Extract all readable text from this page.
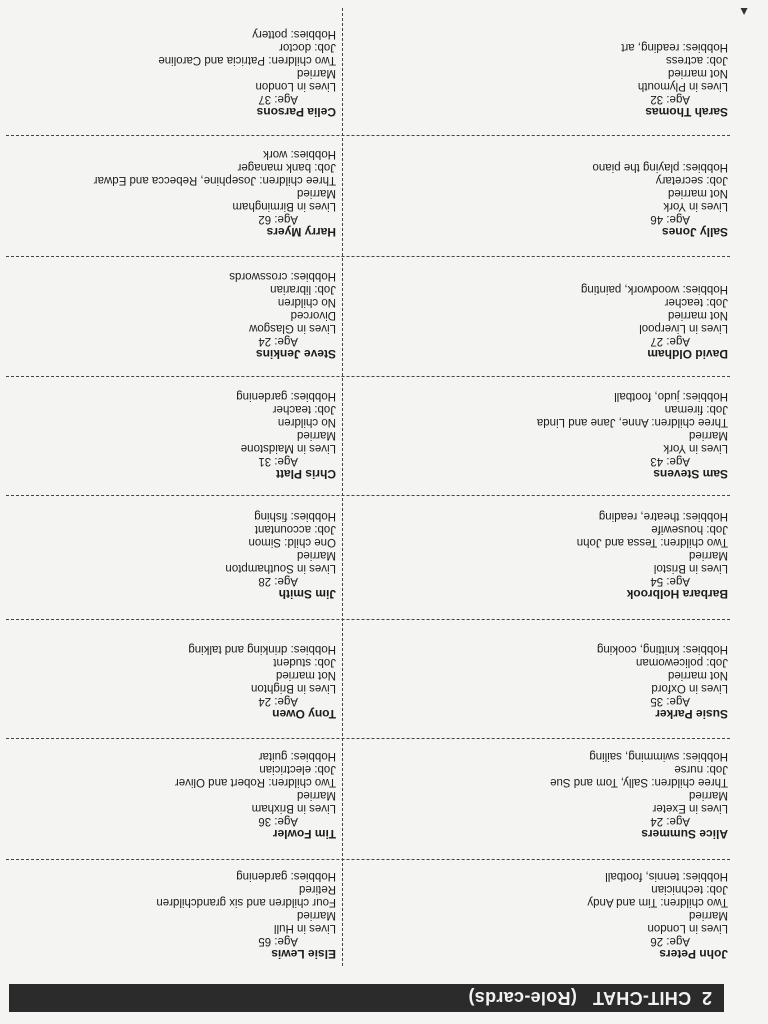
2  CHIT-CHAT   (Role-cards)
▲
John Peters
Age: 26
Lives in London
Married
Two children: Tim and Andy
Job: technician
Hobbies: tennis, football
Elsie Lewis
Age: 65
Lives in Hull
Married
Four children and six grandchildren
Retired
Hobbies: gardening
Alice Summers
Age: 24
Lives in Exeter
Married
Three children: Sally, Tom and Sue
Job: nurse
Hobbies: swimming, sailing
Tim Fowler
Age: 36
Lives in Brixham
Married
Two children: Robert and Oliver
Job: electrician
Hobbies: guitar
Susie Parker
Age: 35
Lives in Oxford
Not married
Job: policewoman
Hobbies: knitting, cooking
Tony Owen
Age: 24
Lives in Brighton
Not married
Job: student
Hobbies: drinking and talking
Barbara Holbrook
Age: 54
Lives in Bristol
Married
Two children: Tessa and John
Job: housewife
Hobbies: theatre, reading
Jim Smith
Age: 28
Lives in Southampton
Married
One child: Simon
Job: accountant
Hobbies: fishing
Sam Stevens
Age: 43
Lives in York
Married
Three children: Anne, Jane and Linda
Job: fireman
Hobbies: judo, football
Chris Platt
Age: 31
Lives in Maidstone
Married
No children
Job: teacher
Hobbies: gardening
David Oldham
Age: 27
Lives in Liverpool
Not married
Job: teacher
Hobbies: woodwork, painting
Steve Jenkins
Age: 24
Lives in Glasgow
Divorced
No children
Job: librarian
Hobbies: crosswords
Sally Jones
Age: 46
Lives in York
Not married
Job: secretary
Hobbies: playing the piano
Harry Myers
Age: 62
Lives in Birmingham
Married
Three children: Josephine, Rebecca and Edwar
Job: bank manager
Hobbies: work
Sarah Thomas
Age: 32
Lives in Plymouth
Not married
Job: actress
Hobbies: reading, art
Celia Parsons
Age: 37
Lives in London
Married
Two children: Patricia and Caroline
Job: doctor
Hobbies: pottery
